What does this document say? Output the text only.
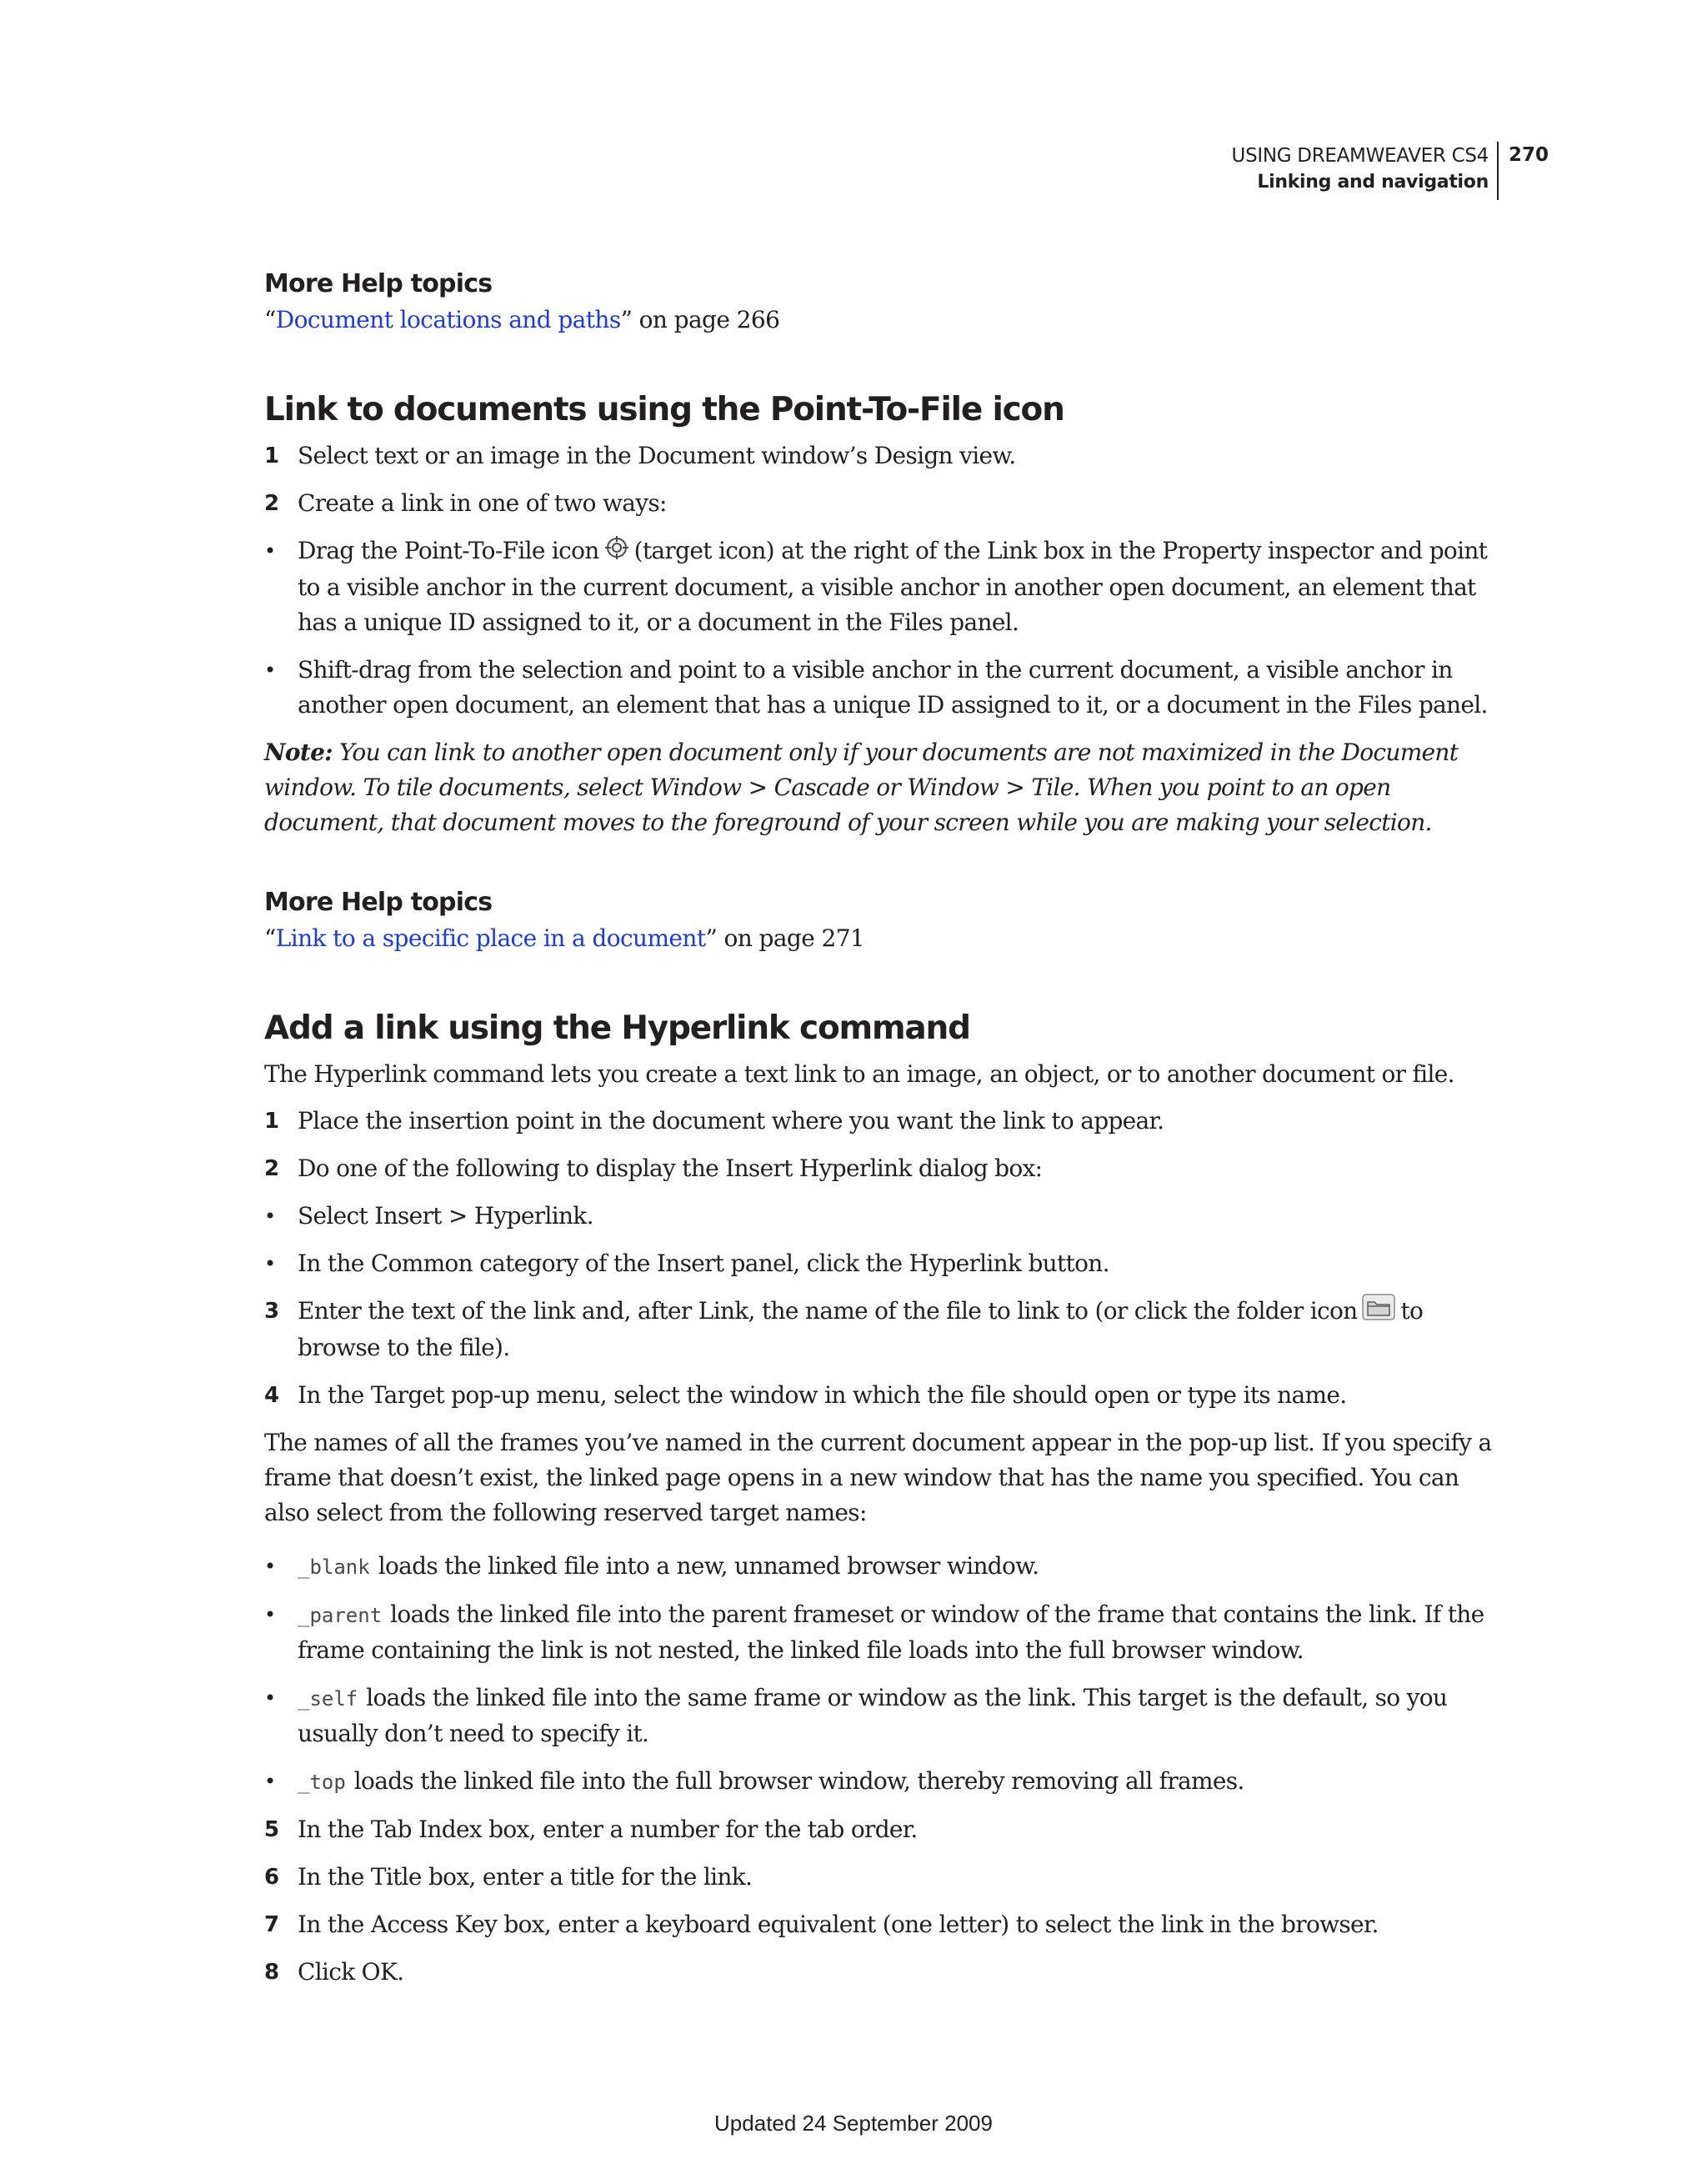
USING DREAMWEAVER CS4
Linking and navigation
270
More Help topics

“Document locations and paths” on page 266

Link to documents using the Point-To-File icon
1 Select text or an image in the Document window’s Design view.
2 Create a link in one of two ways:
• Drag the Point-To-File icon (target icon) at the right of the Link box in the Property inspector and point to a visible anchor in the current document, a visible anchor in another open document, an element that has a unique ID assigned to it, or a document in the Files panel.
• Shift-drag from the selection and point to a visible anchor in the current document, a visible anchor in another open document, an element that has a unique ID assigned to it, or a document in the Files panel.

Note: You can link to another open document only if your documents are not maximized in the Document window. To tile documents, select Window > Cascade or Window > Tile. When you point to an open document, that document moves to the foreground of your screen while you are making your selection.

More Help topics

“Link to a specific place in a document” on page 271

Add a link using the Hyperlink command

The Hyperlink command lets you create a text link to an image, an object, or to another document or file.

1 Place the insertion point in the document where you want the link to appear.
2 Do one of the following to display the Insert Hyperlink dialog box:
• Select Insert > Hyperlink.
• In the Common category of the Insert panel, click the Hyperlink button.
3 Enter the text of the link and, after Link, the name of the file to link to (or click the folder icon to browse to the file).
4 In the Target pop-up menu, select the window in which the file should open or type its name.

The names of all the frames you’ve named in the current document appear in the pop-up list. If you specify a frame that doesn’t exist, the linked page opens in a new window that has the name you specified. You can also select from the following reserved target names:

•	_blank loads the linked file into a new, unnamed browser window.
•	_parent loads the linked file into the parent frameset or window of the frame that contains the link. If the frame containing the link is not nested, the linked file loads into the full browser window.
•	_self loads the linked file into the same frame or window as the link. This target is the default, so you usually don’t need to specify it.
•	_top loads the linked file into the full browser window, thereby removing all frames.
5 In the Tab Index box, enter a number for the tab order.
6 In the Title box, enter a title for the link.
7 In the Access Key box, enter a keyboard equivalent (one letter) to select the link in the browser.
8 Click OK.
Updated 24 September 2009
